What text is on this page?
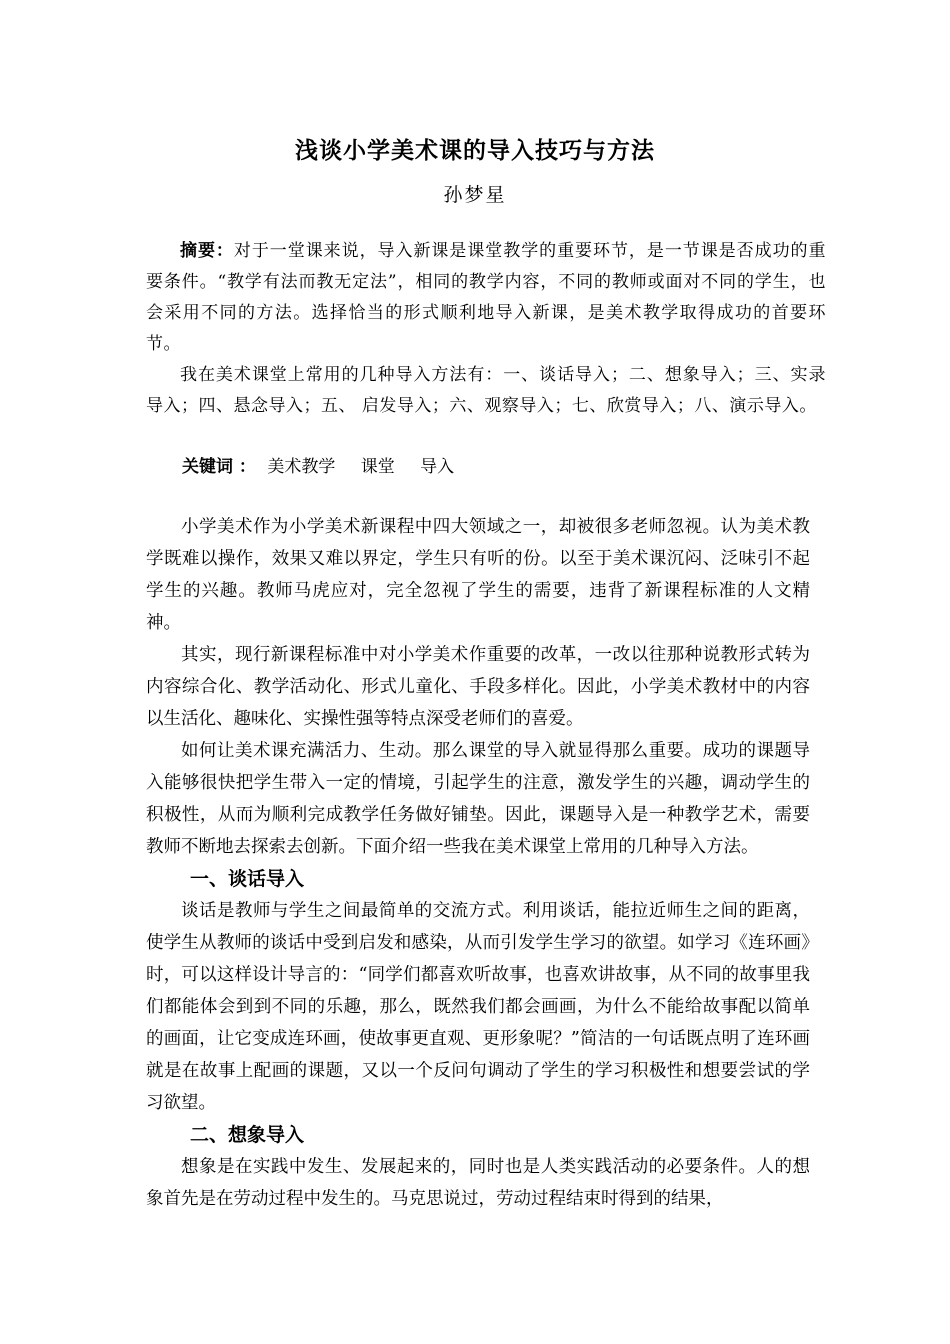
浅谈小学美术课的导入技巧与方法
孙梦星

摘要：对于一堂课来说，导入新课是课堂教学的重要环节，是一节课是否成功的重要条件。“教学有法而教无定法”，相同的教学内容，不同的教师或面对不同的学生，也会采用不同的方法。选择恰当的形式顺利地导入新课，是美术教学取得成功的首要环节。

我在美术课堂上常用的几种导入方法有：一、谈话导入；二、想象导入；三、实录导入；四、悬念导入；五、 启发导入；六、观察导入；七、欣赏导入；八、演示导入。

关键词 ： 美术教学 课堂 导入

小学美术作为小学美术新课程中四大领域之一，却被很多老师忽视。认为美术教学既难以操作，效果又难以界定，学生只有听的份。以至于美术课沉闷、泛味引不起学生的兴趣。教师马虎应对，完全忽视了学生的需要，违背了新课程标准的人文精神。

其实，现行新课程标准中对小学美术作重要的改革，一改以往那种说教形式转为内容综合化、教学活动化、形式儿童化、手段多样化。因此，小学美术教材中的内容以生活化、趣味化、实操性强等特点深受老师们的喜爱。

如何让美术课充满活力、生动。那么课堂的导入就显得那么重要。成功的课题导入能够很快把学生带入一定的情境，引起学生的注意，激发学生的兴趣，调动学生的积极性，从而为顺利完成教学任务做好铺垫。因此，课题导入是一种教学艺术，需要教师不断地去探索去创新。下面介绍一些我在美术课堂上常用的几种导入方法。

一、谈话导入

谈话是教师与学生之间最简单的交流方式。利用谈话，能拉近师生之间的距离，使学生从教师的谈话中受到启发和感染，从而引发学生学习的欲望。如学习《连环画》时，可以这样设计导言的：“同学们都喜欢听故事，也喜欢讲故事，从不同的故事里我们都能体会到到不同的乐趣，那么，既然我们都会画画，为什么不能给故事配以简单的画面，让它变成连环画，使故事更直观、更形象呢？”简洁的一句话既点明了连环画就是在故事上配画的课题，又以一个反问句调动了学生的学习积极性和想要尝试的学习欲望。

二、想象导入

想象是在实践中发生、发展起来的，同时也是人类实践活动的必要条件。人的想象首先是在劳动过程中发生的。马克思说过，劳动过程结束时得到的结果，
